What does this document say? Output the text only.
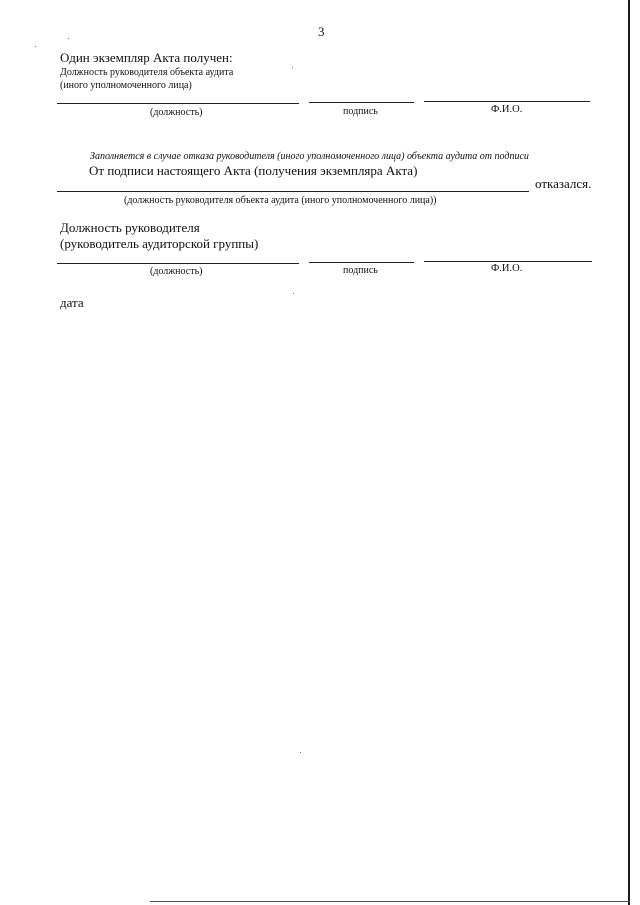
3
Один экземпляр Акта получен:
Должность руководителя объекта аудита
(иного уполномоченного лица)
(должность)	подпись	Ф.И.О.
Заполняется в случае отказа руководителя (иного уполномоченного лица) объекта аудита от подписи
От подписи настоящего Акта (получения экземпляра Акта)
отказался.
(должность руководителя объекта аудита (иного уполномоченного лица))
Должность руководителя
(руководитель аудиторской группы)
(должность)	подпись	Ф.И.О.
дата
